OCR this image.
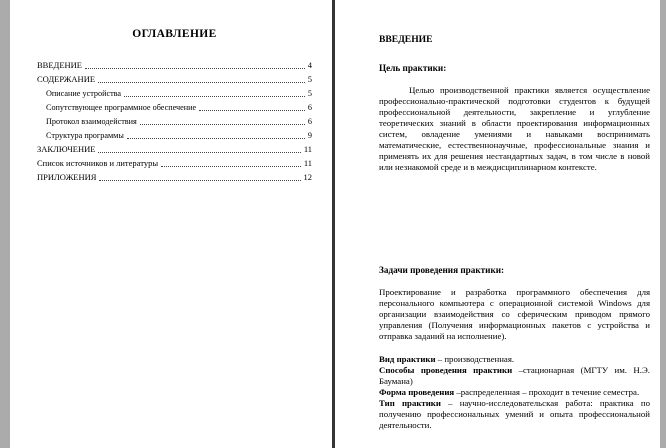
ОГЛАВЛЕНИЕ
ВВЕДЕНИЕ	4
СОДЕРЖАНИЕ	5
Описание устройства	5
Сопутствующее программное обеспечение	6
Протокол взаимодействия	6
Структура программы	9
ЗАКЛЮЧЕНИЕ	11
Список источников и литературы	11
ПРИЛОЖЕНИЯ	12
ВВЕДЕНИЕ
Цель практики:

Целью производственной практики является осуществление профессионально-практической подготовки студентов к будущей профессиональной деятельности, закрепление и углубление теоретических знаний в области проектирования информационных систем, овладение умениями и навыками воспринимать математические, естественнонаучные, профессиональные знания и применять их для решения нестандартных задач, в том числе в новой или незнакомой среде и в междисциплинарном контексте.

Задачи проведения практики:

Проектирование и разработка программного обеспечения для персонального компьютера с операционной системой Windows для организации взаимодействия со сферическим приводом прямого управления (Получения информационных пакетов с устройства и отправка заданий на исполнение).

Вид практики – производственная.

Способы проведения практики –стационарная (МГТУ им. Н.Э. Баумана)

Форма проведения –распределенная – проходит в течение семестра.

Тип практики – научно-исследовательская работа: практика по получению профессиональных умений и опыта профессиональной деятельности.
